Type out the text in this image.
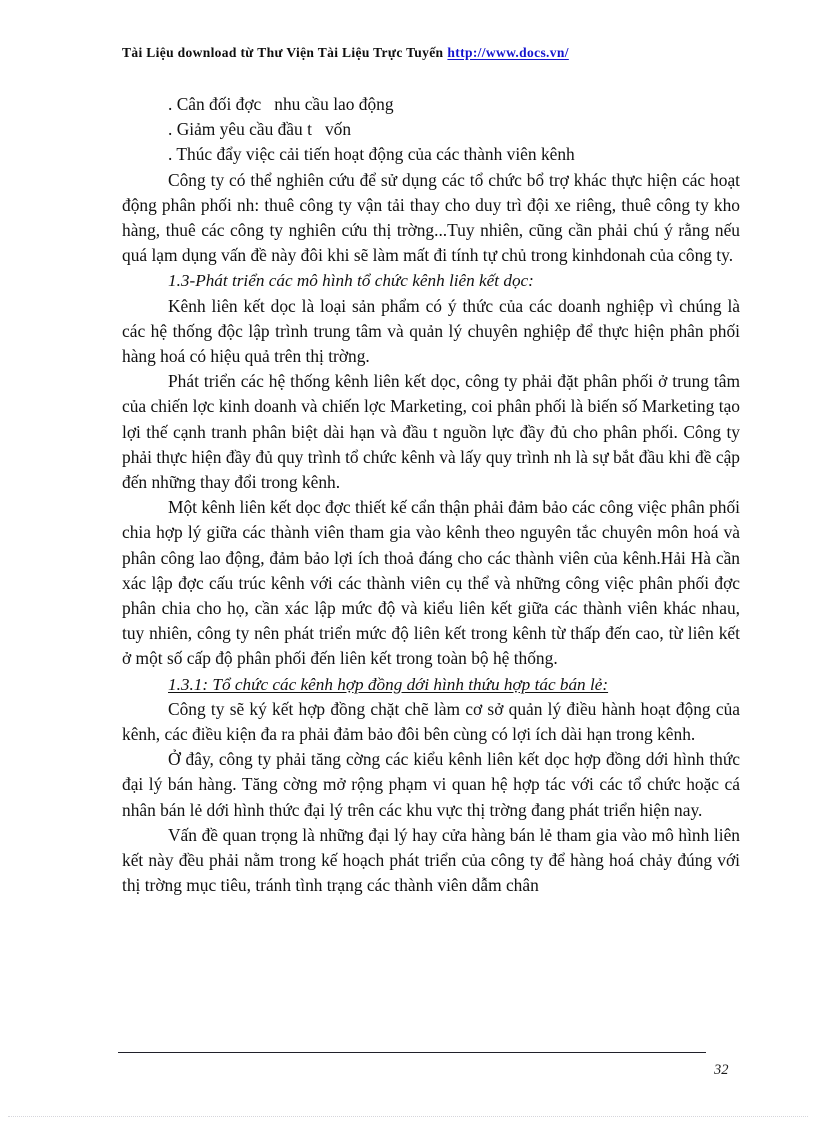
Tài Liệu download từ Thư Viện Tài Liệu Trực Tuyến http://www.docs.vn/
. Cân đối đợc   nhu cầu lao động
. Giảm yêu cầu đầu t   vốn
. Thúc đẩy việc cải tiến hoạt động của các thành viên kênh

Công ty có thể nghiên cứu để sử dụng các tổ chức bổ trợ khác thực hiện các hoạt động phân phối nh: thuê công ty vận tải thay cho duy trì đội xe riêng, thuê công ty kho hàng, thuê các công ty nghiên cứu thị trờng...Tuy nhiên, cũng cần phải chú ý rằng nếu quá lạm dụng vấn đề này đôi khi sẽ làm mất đi tính tự chủ trong kinhdonah của công ty.

1.3-Phát triển các mô hình tổ chức kênh liên kết dọc:

Kênh liên kết dọc là loại sản phẩm có ý thức của các doanh nghiệp vì chúng là các hệ thống độc lập trình trung tâm và quản lý chuyên nghiệp để thực hiện phân phối hàng hoá có hiệu quả trên thị trờng.

Phát triển các hệ thống kênh liên kết dọc, công ty phải đặt phân phối ở trung tâm của chiến lợc kinh doanh và chiến lợc Marketing, coi phân phối là biến số Marketing tạo lợi thế cạnh tranh phân biệt dài hạn và đầu t nguồn lực đầy đủ cho phân phối. Công ty phải thực hiện đầy đủ quy trình tổ chức kênh và lấy quy trình nh là sự bắt đầu khi đề cập đến những thay đổi trong kênh.

Một kênh liên kết dọc đợc thiết kế cẩn thận phải đảm bảo các công việc phân phối chia hợp lý giữa các thành viên tham gia vào kênh theo nguyên tắc chuyên môn hoá và phân công lao động, đảm bảo lợi ích thoả đáng cho các thành viên của kênh.Hải Hà cần xác lập đợc cấu trúc kênh với các thành viên cụ thể và những công việc phân phối đợc phân chia cho họ, cần xác lập mức độ và kiểu liên kết giữa các thành viên khác nhau, tuy nhiên, công ty nên phát triển mức độ liên kết trong kênh từ thấp đến cao, từ liên kết ở một số cấp độ phân phối đến liên kết trong toàn bộ hệ thống.

1.3.1: Tổ chức các kênh hợp đồng dới hình thứu hợp tác bán lẻ:

Công ty sẽ ký kết hợp đồng chặt chẽ làm cơ sở quản lý điều hành hoạt động của kênh, các điều kiện đa ra phải đảm bảo đôi bên cùng có lợi ích dài hạn trong kênh.

Ở đây, công ty phải tăng cờng các kiểu kênh liên kết dọc hợp đồng dới hình thức đại lý bán hàng. Tăng cờng mở rộng phạm vi quan hệ hợp tác với các tổ chức hoặc cá nhân bán lẻ dới hình thức đại lý trên các khu vực thị trờng đang phát triển hiện nay.

Vấn đề quan trọng là những đại lý hay cửa hàng bán lẻ tham gia vào mô hình liên kết này đều phải nằm trong kế hoạch phát triển của công ty để hàng hoá chảy đúng với thị trờng mục tiêu, tránh tình trạng các thành viên dẫm chân

32
